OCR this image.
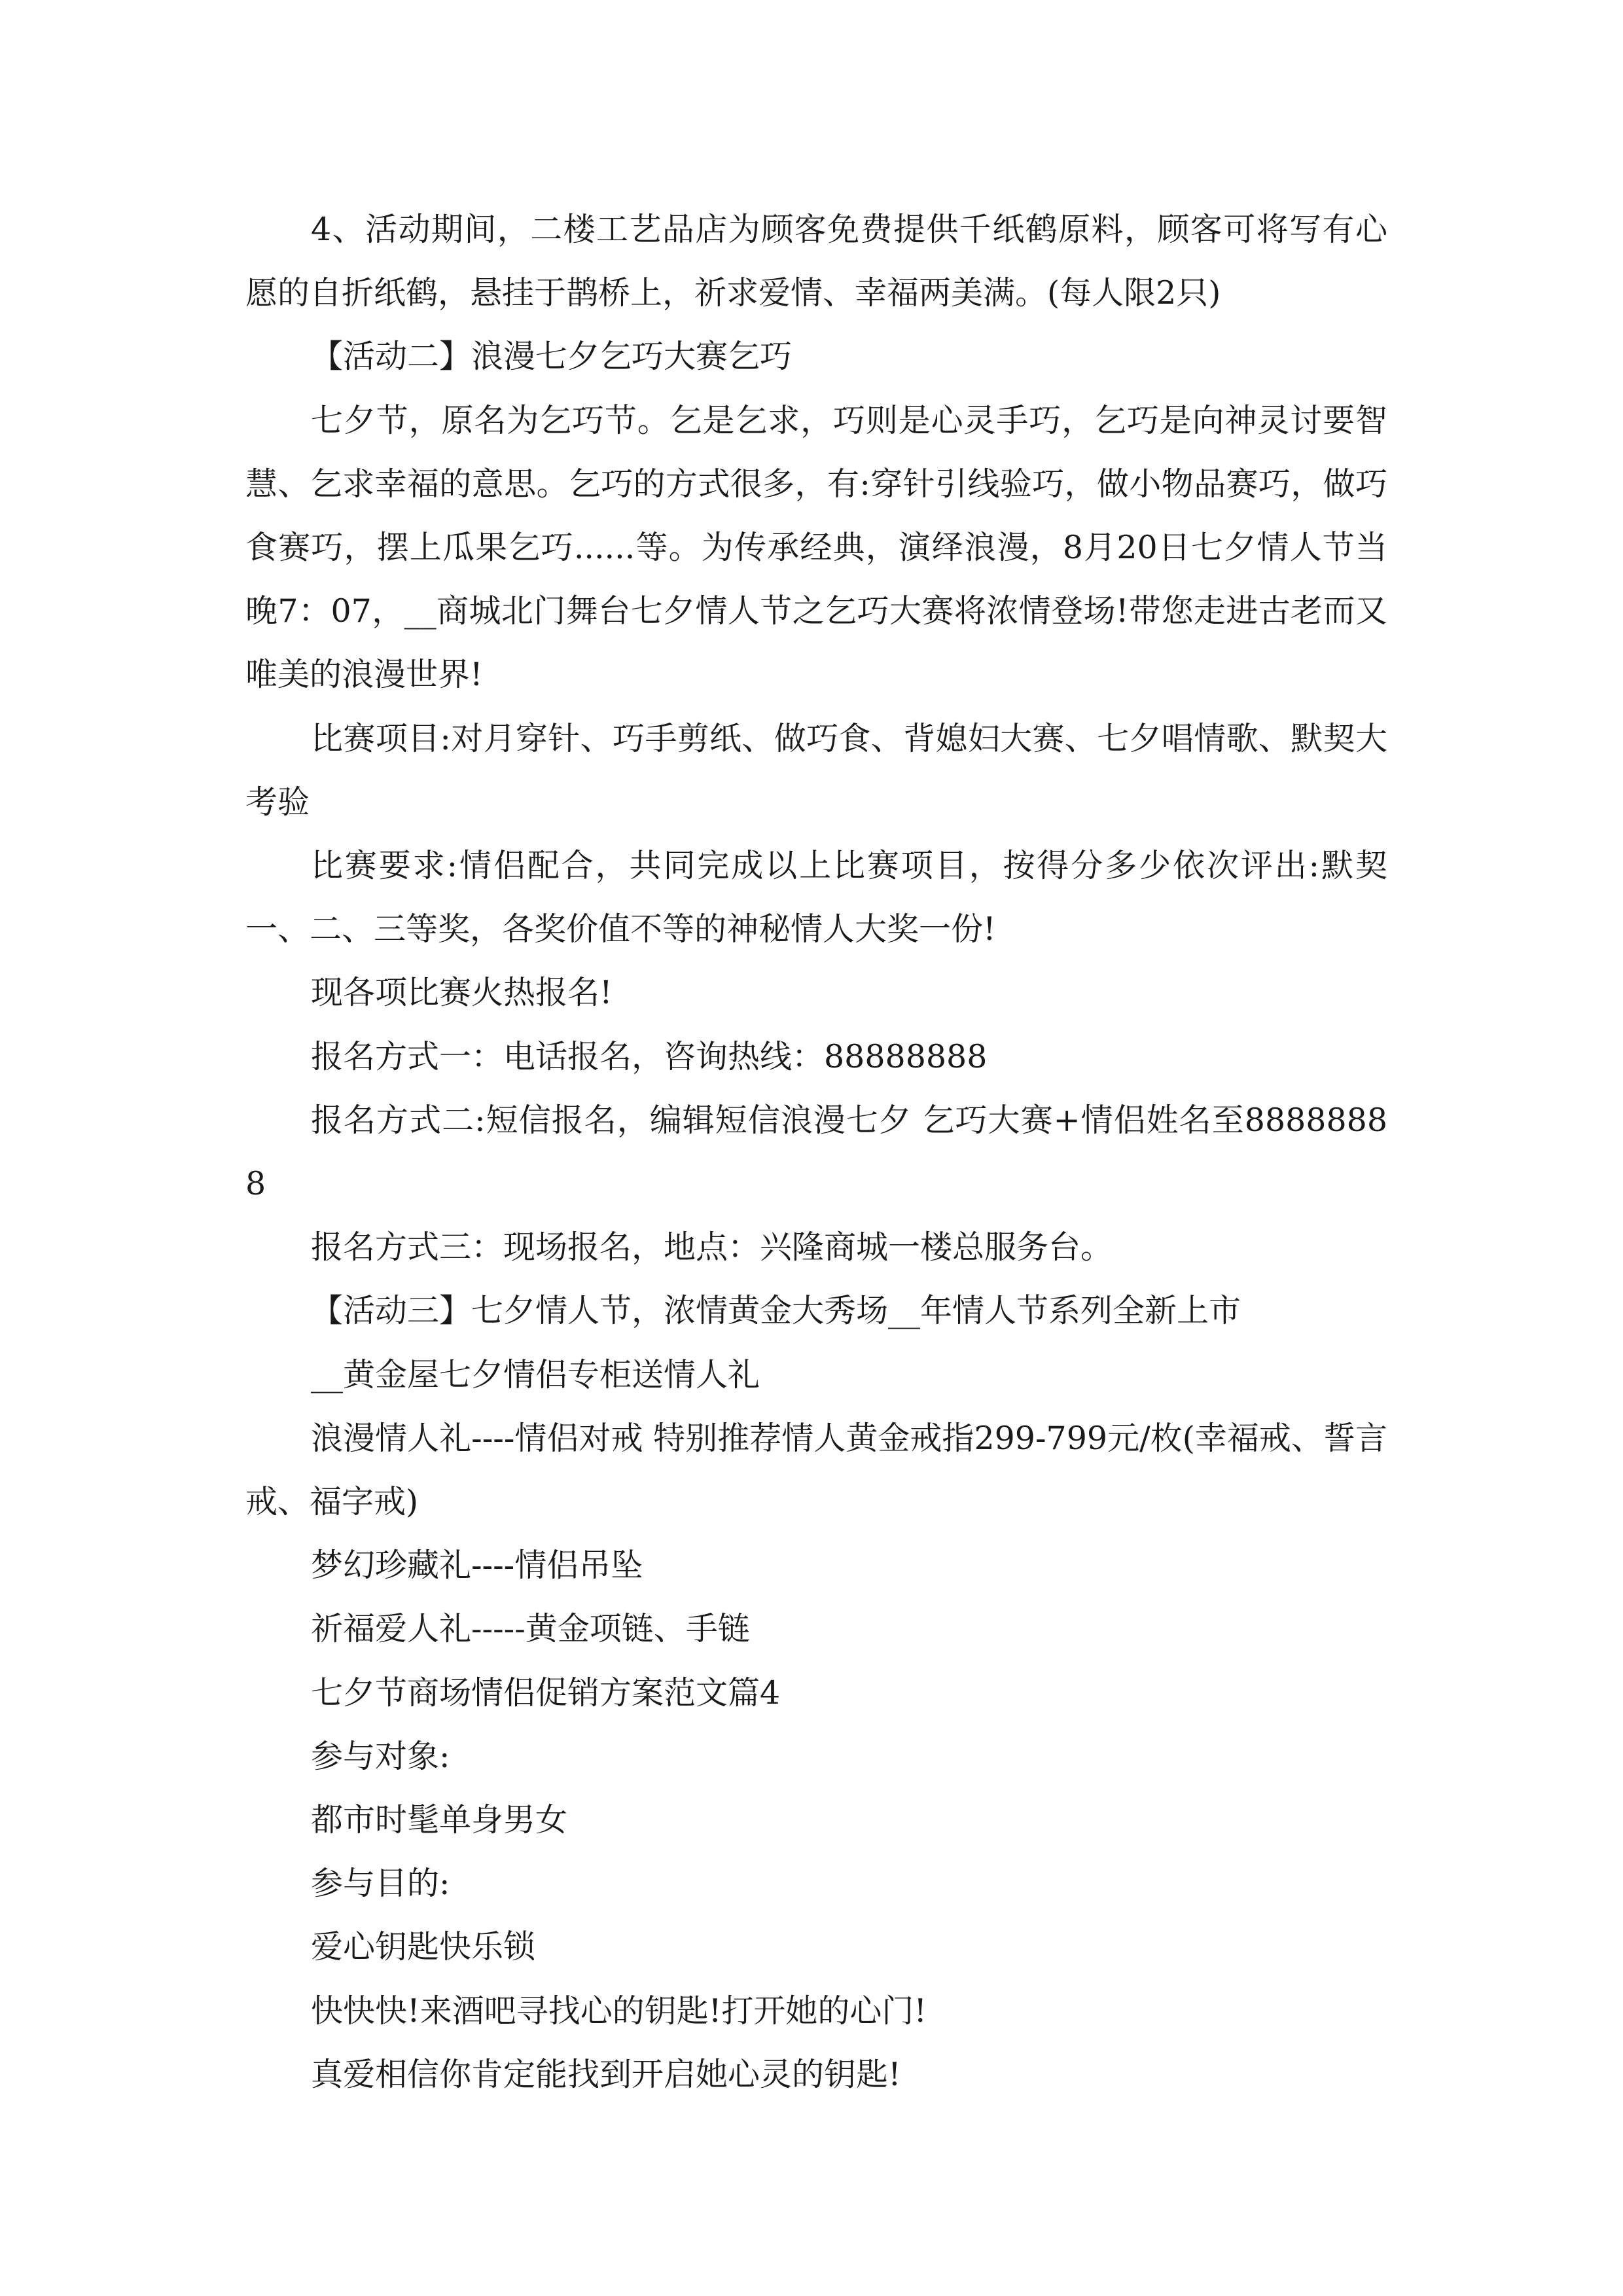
4、活动期间，二楼工艺品店为顾客免费提供千纸鹤原料，顾客可将写有心愿的自折纸鹤，悬挂于鹊桥上，祈求爱情、幸福两美满。(每人限2只)

【活动二】浪漫七夕乞巧大赛乞巧

七夕节，原名为乞巧节。乞是乞求，巧则是心灵手巧，乞巧是向神灵讨要智慧、乞求幸福的意思。乞巧的方式很多，有:穿针引线验巧，做小物品赛巧，做巧食赛巧，摆上瓜果乞巧......等。为传承经典，演绎浪漫，8月20日七夕情人节当晚7：07，__商城北门舞台七夕情人节之乞巧大赛将浓情登场!带您走进古老而又唯美的浪漫世界!

比赛项目:对月穿针、巧手剪纸、做巧食、背媳妇大赛、七夕唱情歌、默契大考验

比赛要求:情侣配合，共同完成以上比赛项目，按得分多少依次评出:默契一、二、三等奖，各奖价值不等的神秘情人大奖一份!

现各项比赛火热报名!

报名方式一：电话报名，咨询热线：88888888

报名方式二:短信报名，编辑短信浪漫七夕 乞巧大赛+情侣姓名至88888888

报名方式三：现场报名，地点：兴隆商城一楼总服务台。

【活动三】七夕情人节，浓情黄金大秀场__年情人节系列全新上市

__黄金屋七夕情侣专柜送情人礼

浪漫情人礼----情侣对戒 特别推荐情人黄金戒指299-799元/枚(幸福戒、誓言戒、福字戒)

梦幻珍藏礼----情侣吊坠

祈福爱人礼-----黄金项链、手链

七夕节商场情侣促销方案范文篇4

参与对象:

都市时髦单身男女

参与目的:

爱心钥匙快乐锁

快快快!来酒吧寻找心的钥匙!打开她的心门!

真爱相信你肯定能找到开启她心灵的钥匙!
